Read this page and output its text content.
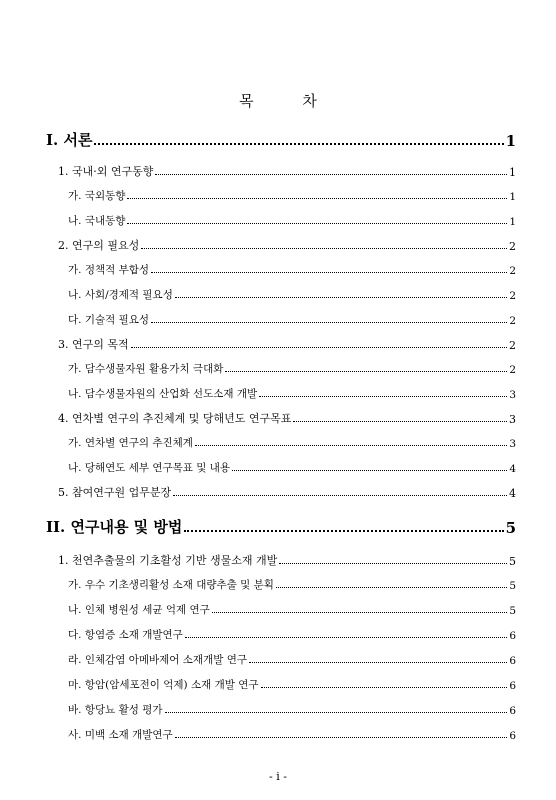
목 차
I. 서론	1
1. 국내·외 연구동향	1
가. 국외동향	1
나. 국내동향	1
2. 연구의 필요성	2
가. 정책적 부합성	2
나. 사회/경제적 필요성	2
다. 기술적 필요성	2
3. 연구의 목적	2
가. 담수생물자원 활용가치 극대화	2
나. 담수생물자원의 산업화 선도소재 개발	3
4. 연차별 연구의 추진체계 및 당해년도 연구목표	3
가. 연차별 연구의 추진체계	3
나. 당해연도 세부 연구목표 및 내용	4
5. 참여연구원 업무분장	4
II. 연구내용 및 방법	5
1. 천연추출물의 기초활성 기반 생물소재 개발	5
가. 우수 기초생리활성 소재 대량추출 및 분획	5
나. 인체 병원성 세균 억제 연구	5
다. 항염증 소재 개발연구	6
라. 인체감염 아메바제어 소재개발 연구	6
마. 항암(암세포전이 억제) 소재 개발 연구	6
바. 항당뇨 활성 평가	6
사. 미백 소재 개발연구	6
- i -
